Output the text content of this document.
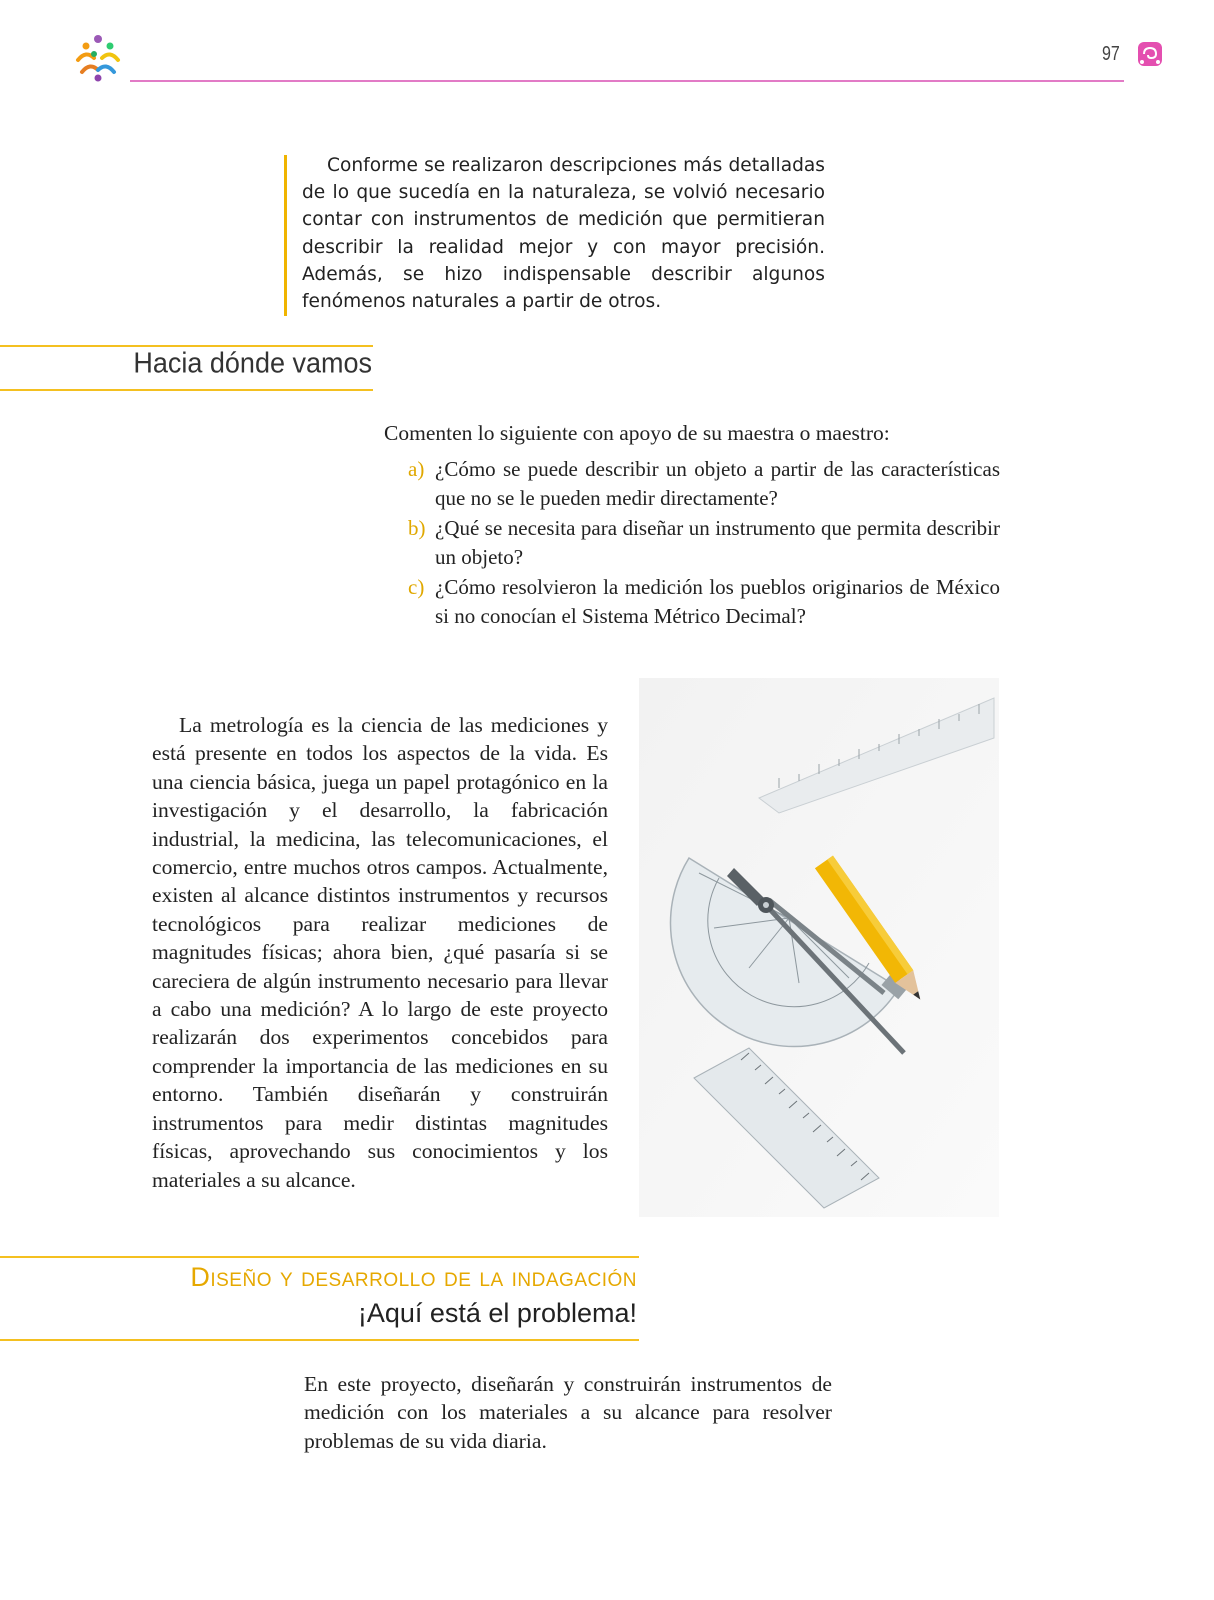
97
Conforme se realizaron descripciones más detalladas de lo que sucedía en la naturaleza, se volvió necesario contar con instrumentos de medición que permitieran describir la realidad mejor y con mayor precisión. Además, se hizo indispensable describir algunos fenómenos naturales a partir de otros.
Hacia dónde vamos
Comenten lo siguiente con apoyo de su maestra o maestro:
a) ¿Cómo se puede describir un objeto a partir de las características que no se le pueden medir directamente?
b) ¿Qué se necesita para diseñar un instrumento que permita describir un objeto?
c) ¿Cómo resolvieron la medición los pueblos originarios de México si no conocían el Sistema Métrico Decimal?
La metrología es la ciencia de las mediciones y está presente en todos los aspectos de la vida. Es una ciencia básica, juega un papel protagónico en la investigación y el desarrollo, la fabricación industrial, la medicina, las telecomunicaciones, el comercio, entre muchos otros campos. Actualmente, existen al alcance distintos instrumentos y recursos tecnológicos para realizar mediciones de magnitudes físicas; ahora bien, ¿qué pasaría si se careciera de algún instrumento necesario para llevar a cabo una medición? A lo largo de este proyecto realizarán dos experimentos concebidos para comprender la importancia de las mediciones en su entorno. También diseñarán y construirán instrumentos para medir distintas magnitudes físicas, aprovechando sus conocimientos y los materiales a su alcance.
Diseño y desarrollo de la indagación
¡Aquí está el problema!
En este proyecto, diseñarán y construirán instrumentos de medición con los materiales a su alcance para resolver problemas de su vida diaria.
